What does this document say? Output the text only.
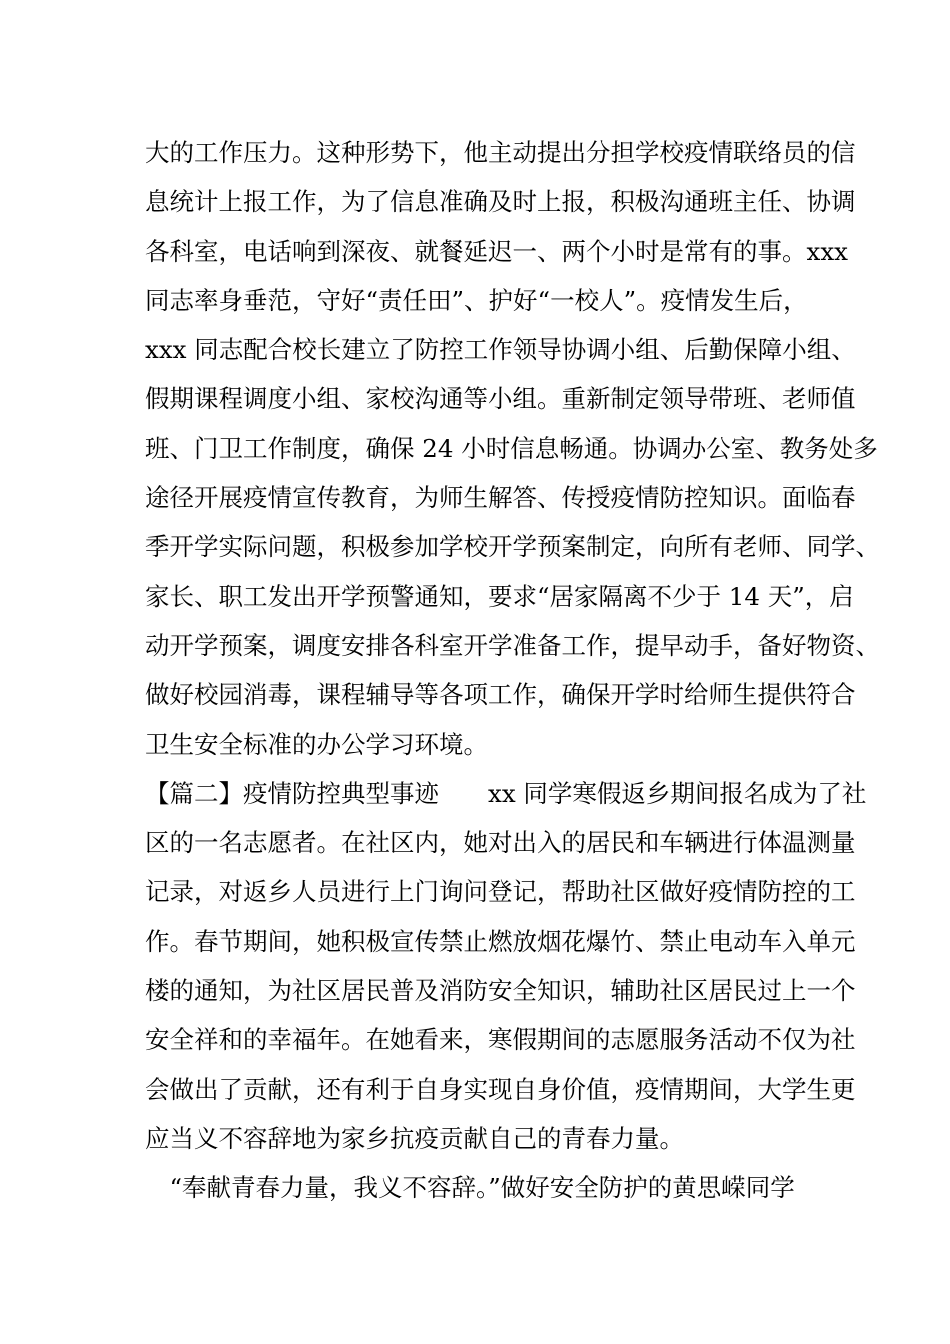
大的工作压力。这种形势下，他主动提出分担学校疫情联络员的信
息统计上报工作，为了信息准确及时上报，积极沟通班主任、协调
各科室，电话响到深夜、就餐延迟一、两个小时是常有的事。xxx
同志率身垂范，守好“责任田”、护好“一校人”。疫情发生后，
xxx 同志配合校长建立了防控工作领导协调小组、后勤保障小组、
假期课程调度小组、家校沟通等小组。重新制定领导带班、老师值
班、门卫工作制度，确保 24 小时信息畅通。协调办公室、教务处多
途径开展疫情宣传教育，为师生解答、传授疫情防控知识。面临春
季开学实际问题，积极参加学校开学预案制定，向所有老师、同学、
家长、职工发出开学预警通知，要求“居家隔离不少于 14 天”，启
动开学预案，调度安排各科室开学准备工作，提早动手，备好物资、
做好校园消毒，课程辅导等各项工作，确保开学时给师生提供符合
卫生安全标准的办公学习环境。
【篇二】疫情防控典型事迹　　xx 同学寒假返乡期间报名成为了社
区的一名志愿者。在社区内，她对出入的居民和车辆进行体温测量
记录，对返乡人员进行上门询问登记，帮助社区做好疫情防控的工
作。春节期间，她积极宣传禁止燃放烟花爆竹、禁止电动车入单元
楼的通知，为社区居民普及消防安全知识，辅助社区居民过上一个
安全祥和的幸福年。在她看来，寒假期间的志愿服务活动不仅为社
会做出了贡献，还有利于自身实现自身价值，疫情期间，大学生更
应当义不容辞地为家乡抗疫贡献自己的青春力量。
　“奉献青春力量，我义不容辞。”做好安全防护的黄思嵘同学
